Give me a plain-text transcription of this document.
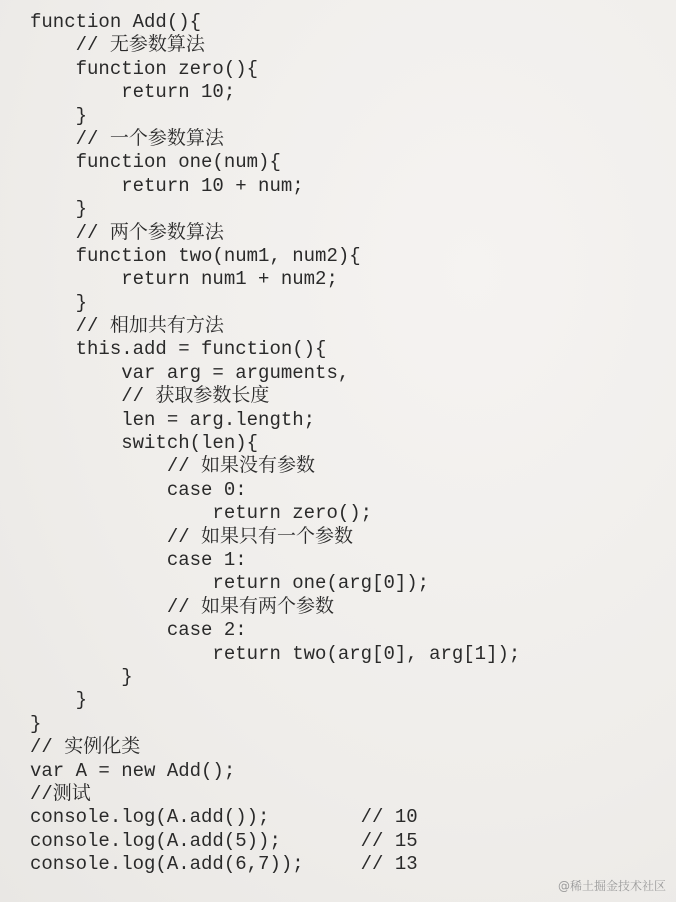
function Add(){
// 无参数算法
function zero(){
return 10;
}
// 一个参数算法
function one(num){
return 10 + num;
}
// 两个参数算法
function two(num1, num2){
return num1 + num2;
}
// 相加共有方法
this.add = function(){
var arg = arguments,
// 获取参数长度
len = arg.length;
switch(len){
// 如果没有参数
case 0:
return zero();
// 如果只有一个参数
case 1:
return one(arg[0]);
// 如果有两个参数
case 2:
return two(arg[0], arg[1]);
}
}
}
// 实例化类
var A = new Add();
//测试
console.log(A.add());        // 10
console.log(A.add(5));       // 15
console.log(A.add(6,7));     // 13
@稀土掘金技术社区
